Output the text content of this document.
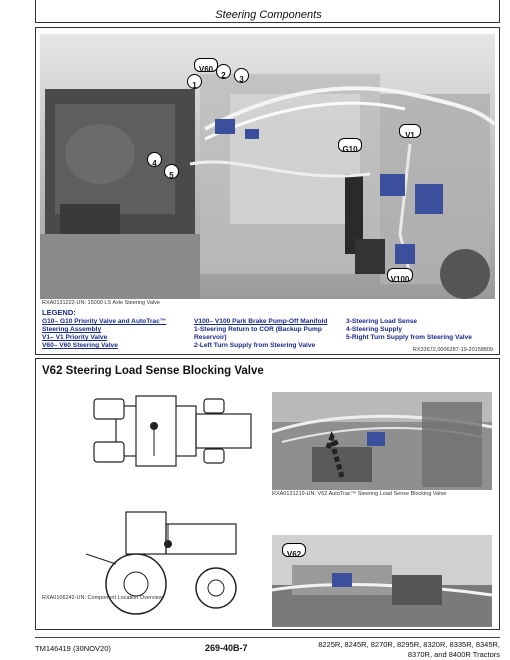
Steering Components
V60
1
2	3
4
5
G10
V1
V100
RXA0131222-UN: 15000 LS Axle Steering Valve
LEGEND:
G10– G10 Priority Valve and AutoTrac™
Steering Assembly
V1– V1 Priority Valve
V60– V60 Steering Valve
V100– V100 Park Brake Pump-Off Manifold
1-Steering Return to COR (Backup Pump
Reservoir)
2-Left Turn Supply from Steering Valve
3-Steering Load Sense
4-Steering Supply
5-Right Turn Supply from Steering Valve
RX33672,0006287-19-20158809
V62 Steering Load Sense Blocking Valve
RXA0106242-UN: Component Location Overview
RXA0131219-UN: V62 AutoTrac™ Steering Load Sense Blocking Valve
V62
TM146419 (30NOV20)	269-40B-7	8225R, 8245R, 8270R, 8295R, 8320R, 8335R, 8345R,
8370R, and 8400R Tractors
